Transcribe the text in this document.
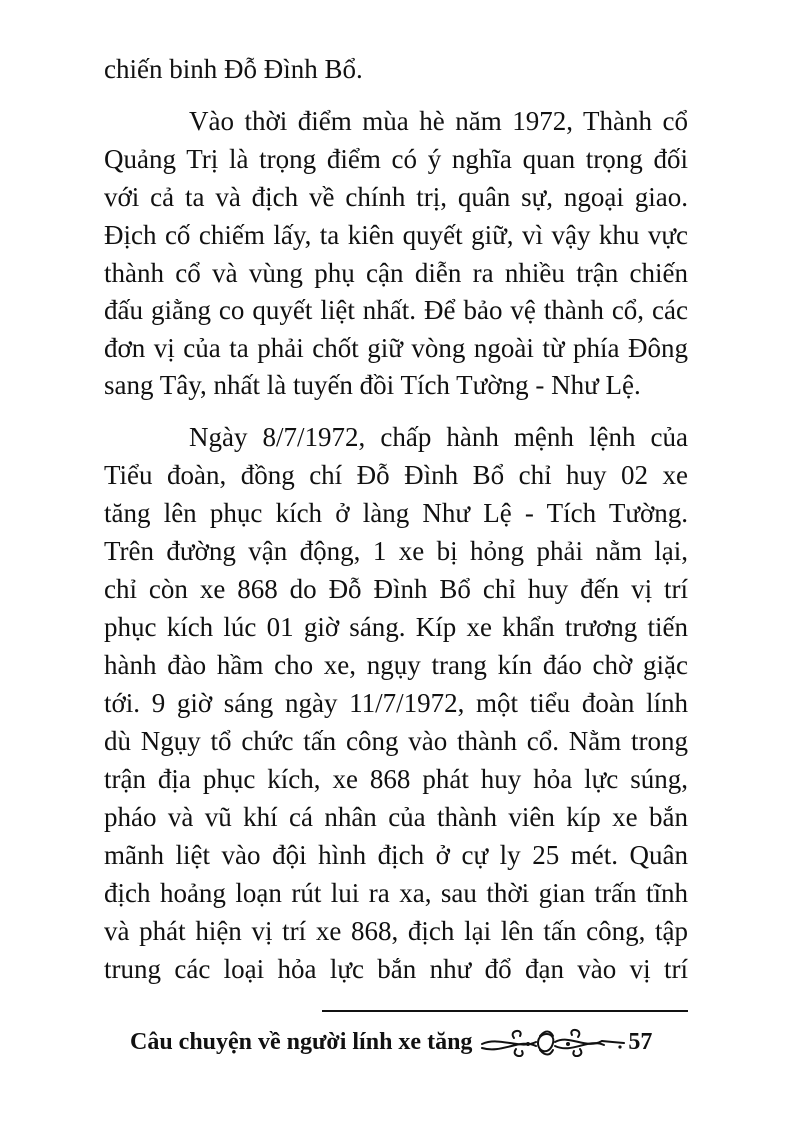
chiến binh Đỗ Đình Bổ.

Vào thời điểm mùa hè năm 1972, Thành cổ

Quảng Trị là trọng điểm có ý nghĩa quan trọng đối

với cả ta và địch về chính trị, quân sự, ngoại giao.

Địch cố chiếm lấy, ta kiên quyết giữ, vì vậy khu vực

thành cổ và vùng phụ cận diễn ra nhiều trận chiến

đấu giằng co quyết liệt nhất. Để bảo vệ thành cổ, các

đơn vị của ta phải chốt giữ vòng ngoài từ phía Đông

sang Tây, nhất là tuyến đồi Tích Tường - Như Lệ.

Ngày 8/7/1972, chấp hành mệnh lệnh của

Tiểu đoàn, đồng chí Đỗ Đình Bổ chỉ huy 02 xe

tăng lên phục kích ở làng Như Lệ - Tích Tường.

Trên đường vận động, 1 xe bị hỏng phải nằm lại,

chỉ còn xe 868 do Đỗ Đình Bổ chỉ huy đến vị trí

phục kích lúc 01 giờ sáng. Kíp xe khẩn trương tiến

hành đào hầm cho xe, ngụy trang kín đáo chờ giặc

tới. 9 giờ sáng ngày 11/7/1972, một tiểu đoàn lính

dù Ngụy tổ chức tấn công vào thành cổ. Nằm trong

trận địa phục kích, xe 868 phát huy hỏa lực súng,

pháo và vũ khí cá nhân của thành viên kíp xe bắn

mãnh liệt vào đội hình địch ở cự ly 25 mét. Quân

địch hoảng loạn rút lui ra xa, sau thời gian trấn tĩnh

và phát hiện vị trí xe 868, địch lại lên tấn công, tập

trung các loại hỏa lực bắn như đổ đạn vào vị trí

Câu chuyện về người lính xe tăng	57
